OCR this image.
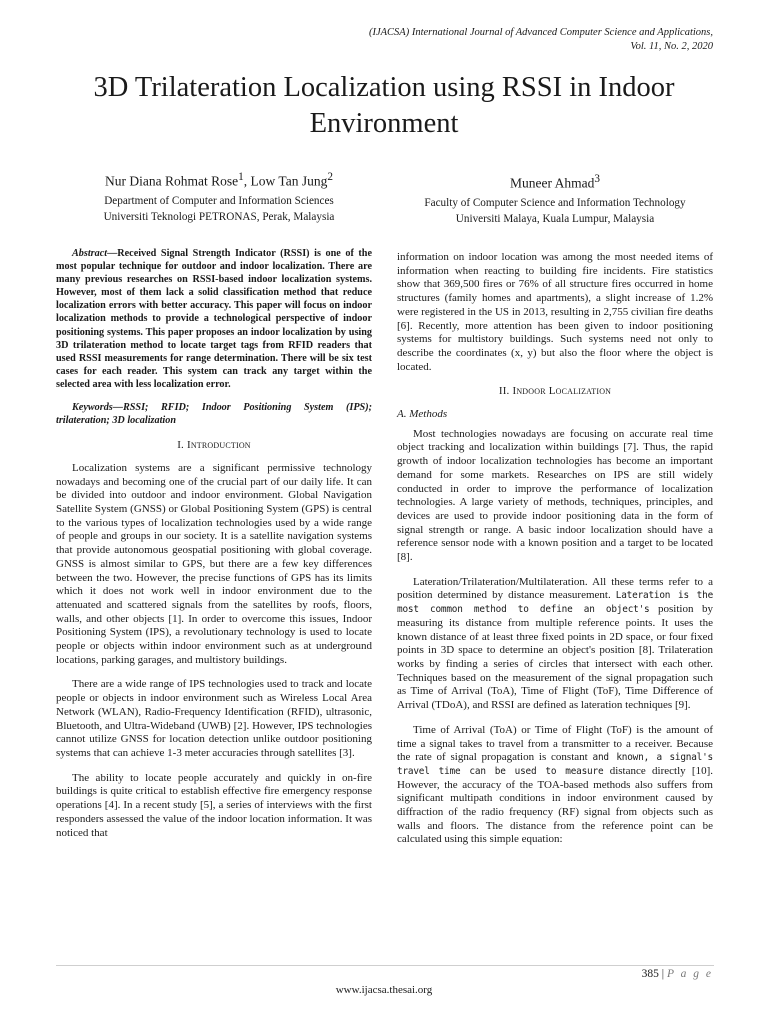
(IJACSA) International Journal of Advanced Computer Science and Applications,
Vol. 11, No. 2, 2020
3D Trilateration Localization using RSSI in Indoor Environment
Nur Diana Rohmat Rose$^1$, Low Tan Jung$^2$
Department of Computer and Information Sciences
Universiti Teknologi PETRONAS, Perak, Malaysia
Muneer Ahmad$^3$
Faculty of Computer Science and Information Technology
Universiti Malaya, Kuala Lumpur, Malaysia

Abstract—Received Signal Strength Indicator (RSSI) is one of the most popular technique for outdoor and indoor localization. There are many previous researches on RSSI-based indoor localization systems. However, most of them lack a solid classification method that reduce localization errors with better accuracy. This paper will focus on indoor localization methods to provide a technological perspective of indoor positioning systems. This paper proposes an indoor localization by using 3D trilateration method to locate target tags from RFID readers that used RSSI measurements for range determination. There will be six test cases for each reader. This system can track any target within the selected area with less localization error.

Keywords—RSSI; RFID; Indoor Positioning System (IPS); trilateration; 3D localization

I. Introduction

Localization systems are a significant permissive technology nowadays and becoming one of the crucial part of our daily life. It can be divided into outdoor and indoor environment. Global Navigation Satellite System (GNSS) or Global Positioning System (GPS) is central to the various types of localization technologies used by a wide range of people and groups in our society. It is a satellite navigation systems that provide autonomous geospatial positioning with global coverage. GNSS is almost similar to GPS, but there are a few key differences between the two. However, the precise functions of GPS has its limits which it does not work well in indoor environment due to the attenuated and scattered signals from the satellites by roofs, floors, walls, and other objects [1]. In order to overcome this issues, Indoor Positioning System (IPS), a revolutionary technology is used to locate people or objects within indoor environment such as at underground locations, parking garages, and multistory buildings.

There are a wide range of IPS technologies used to track and locate people or objects in indoor environment such as Wireless Local Area Network (WLAN), Radio-Frequency Identification (RFID), ultrasonic, Bluetooth, and Ultra-Wideband (UWB) [2]. However, IPS technologies cannot utilize GNSS for location detection unlike outdoor positioning systems that can achieve 1-3 meter accuracies through satellites [3].

The ability to locate people accurately and quickly in on-fire buildings is quite critical to establish effective fire emergency response operations [4]. In a recent study [5], a series of interviews with the first responders assessed the value of the indoor location information. It was noticed that

information on indoor location was among the most needed items of information when reacting to building fire incidents. Fire statistics show that 369,500 fires or 76% of all structure fires occurred in home structures (family homes and apartments), a slight increase of 1.2% were registered in the US in 2013, resulting in 2,755 civilian fire deaths [6]. Recently, more attention has been given to indoor positioning systems for multistory buildings. Such systems need not only to describe the coordinates (x, y) but also the floor where the object is located.

II. Indoor Localization
A. Methods

Most technologies nowadays are focusing on accurate real time object tracking and localization within buildings [7]. Thus, the rapid growth of indoor localization technologies has become an important demand for some markets. Researches on IPS are still widely conducted in order to improve the performance of localization technologies. A large variety of methods, techniques, principles, and devices are used to provide indoor positioning data in the form of signal strength or range. A basic indoor localization should have a reference sensor node with a known position and a target to be located [8].

Lateration/Trilateration/Multilateration. All these terms refer to a position determined by distance measurement. Lateration is the most common method to define an object's position by measuring its distance from multiple reference points. It uses the known distance of at least three fixed points in 2D space, or four fixed points in 3D space to determine an object's position [8]. Trilateration works by finding a series of circles that intersect with each other. Techniques based on the measurement of the signal propagation such as Time of Arrival (ToA), Time of Flight (ToF), Time Difference of Arrival (TDoA), and RSSI are defined as lateration techniques [9].

Time of Arrival (ToA) or Time of Flight (ToF) is the amount of time a signal takes to travel from a transmitter to a receiver. Because the rate of signal propagation is constant and known, a signal's travel time can be used to measure distance directly [10]. However, the accuracy of the TOA-based methods also suffers from significant multipath conditions in indoor environment caused by diffraction of the radio frequency (RF) signal from objects such as walls and floors. The distance from the reference point can be calculated using this simple equation:

385 | P a g e
www.ijacsa.thesai.org
